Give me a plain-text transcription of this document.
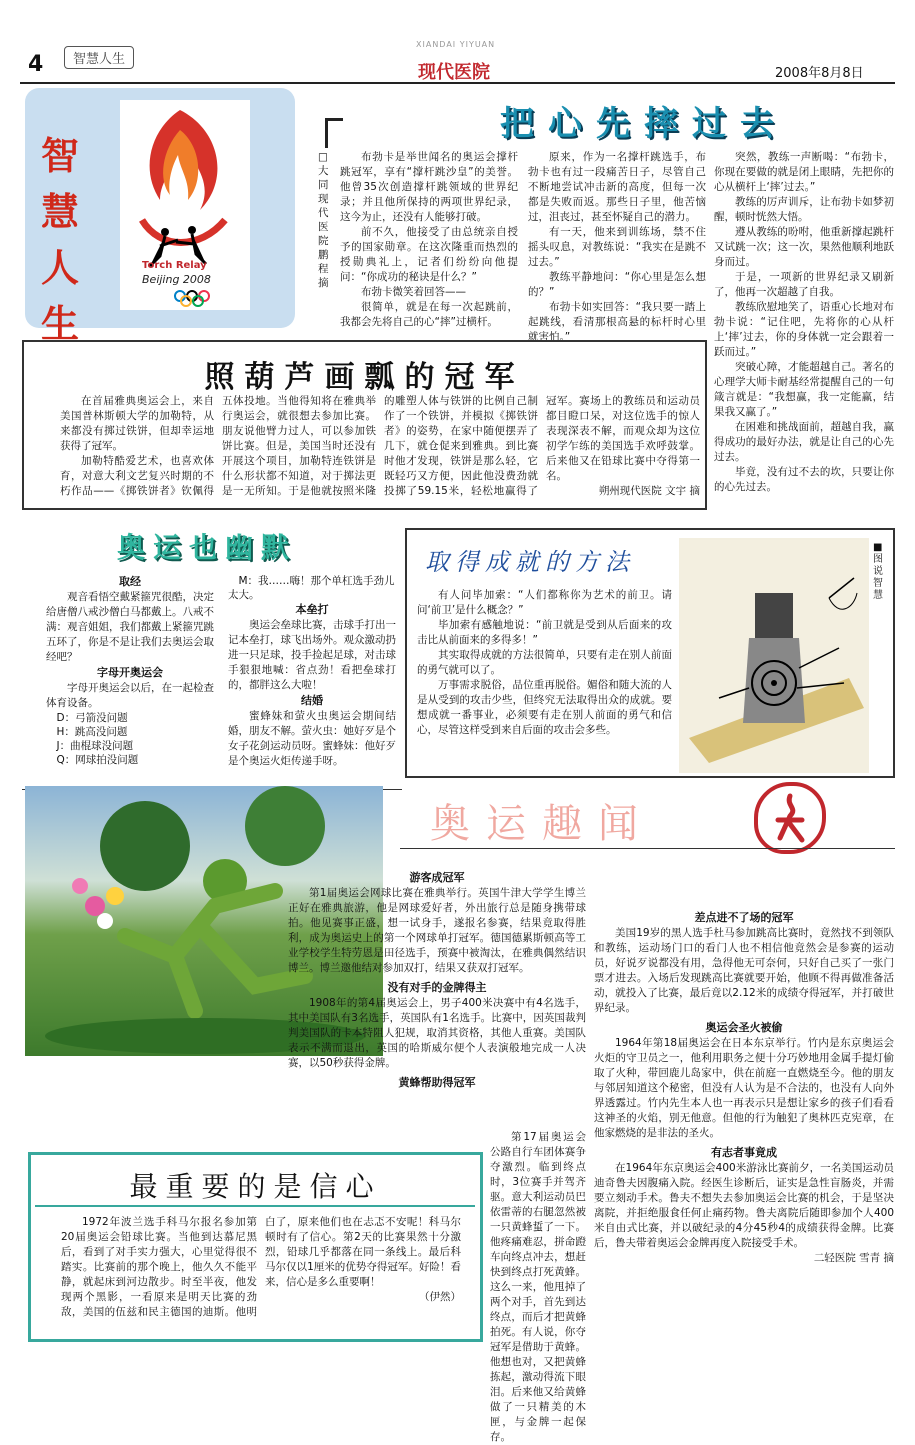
4	智慧人生
XIANDAI YIYUAN
现代医院	2008年8月8日
智慧人生
Torch Relay
Beijing 2008
把心先摔过去
□大同现代医院 鹏程 摘

布勃卡是举世闻名的奥运会撑杆跳冠军，享有“撑杆跳沙皇”的美誉。他曾35次创造撑杆跳领域的世界纪录；并且他所保持的两项世界纪录，这今为止，还没有人能够打破。

前不久，他接受了由总统亲自授予的国家勋章。在这次隆重而热烈的授勋典礼上，记者们纷纷向他提问：“你成功的秘诀是什么？”

布勃卡微笑着回答——

很简单，就是在每一次起跳前，我都会先将自己的心“摔”过横杆。

原来，作为一名撑杆跳选手，布勃卡也有过一段痛苦日子，尽管自己不断地尝试冲击新的高度，但每一次都是失败而返。那些日子里，他苦恼过，沮丧过，甚至怀疑自己的潜力。

有一天，他来到训练场，禁不住摇头叹息，对教练说：“我实在是跳不过去。”

教练平静地问：“你心里是怎么想的？”

布勃卡如实回答：“我只要一踏上起跳线，看清那根高悬的标杆时心里就害怕。”

突然，教练一声断喝：“布勃卡，你现在要做的就是闭上眼睛，先把你的心从横杆上‘摔’过去。”

教练的厉声训斥，让布勃卡如梦初醒，顿时恍然大悟。

遵从教练的吩咐，他重新撑起跳杆又试跳一次；这一次，果然他顺利地跃身而过。

于是，一项新的世界纪录又刷新了，他再一次超越了自我。

教练欣慰地笑了，语重心长地对布勃卡说：“记住吧，先将你的心从杆上‘摔’过去，你的身体就一定会跟着一跃而过。”

突破心障，才能超越自己。著名的心理学大师卡耐基经常提醒自己的一句箴言就是：“我想赢，我一定能赢，结果我又赢了。”

在困难和挑战面前，超越自我，赢得成功的最好办法，就是让自己的心先过去。

毕竟，没有过不去的坎，只要让你的心先过去。

照葫芦画瓢的冠军

在首届雅典奥运会上，来自美国普林斯顿大学的加勒特，从来都没有掷过铁饼，但却幸运地获得了冠军。

加勒特酷爱艺术，也喜欢体育，对意大利文艺复兴时期的不朽作品——《掷铁饼者》钦佩得五体投地。当他得知将在雅典举行奥运会，就很想去参加比赛。朋友说他臂力过人，可以参加铁饼比赛。但是，美国当时还没有开展这个项目，加勒特连铁饼是什么形状都不知道，对于掷法更是一无所知。于是他就按照米隆的雕塑人体与铁饼的比例自己制作了一个铁饼，并模拟《掷铁饼者》的姿势，在家中随便摆弄了几下，就仓促来到雅典。到比赛时他才发现，铁饼是那么轻，它既轻巧又方便，因此他没费劲就投掷了59.15米，轻松地赢得了冠军。赛场上的教练员和运动员都目瞪口呆，对这位选手的惊人表现深表不解，而观众却为这位初学乍练的美国选手欢呼鼓掌。后来他又在铅球比赛中夺得第一名。

朔州现代医院 文宇 摘

奥运也幽默

取经

观音看悟空戴紧箍咒很酷，决定给唐僧八戒沙僧白马都戴上。八戒不满：观音姐姐，我们都戴上紧箍咒跳五环了，你是不是让我们去奥运会取经吧？

字母开奥运会

字母开奥运会以后，在一起检查体育设备。

D：弓箭没问题

H：跳高没问题

J：曲棍球没问题

Q：网球拍没问题

M：我……嗨！那个单杠选手劲儿太大。

本垒打

奥运会垒球比赛，击球手打出一记本垒打，球飞出场外。观众激动扔进一只足球，投手捡起足球，对击球手狠狠地喊：省点劲！看把垒球打的，都胖这么大啦！

结婚

蜜蜂妹和萤火虫奥运会期间结婚，朋友不解。萤火虫：她好歹是个女子花剑运动员呀。蜜蜂妹：他好歹是个奥运火炬传递手呀。

取得成就的方法

有人问毕加索：“人们都称你为艺术的前卫。请问‘前卫’是什么概念？”

毕加索有感触地说：“前卫就是受到从后面来的攻击比从前面来的多得多！”

其实取得成就的方法很简单，只要有走在别人前面的勇气就可以了。

万事需求脱俗，品位重再脱俗。媚俗和随大流的人是从受到的攻击少些，但终究无法取得出众的成就。要想成就一番事业，必须要有走在别人前面的勇气和信心，尽管这样受到来自后面的攻击会多些。

■图说智慧
奥运趣闻

游客成冠军

第1届奥运会网球比赛在雅典举行。英国牛津大学学生博兰正好在雅典旅游，他是网球爱好者，外出旅行总是随身携带球拍。他见赛事正盛，想一试身手，遂报名参赛，结果竟取得胜利，成为奥运史上的第一个网球单打冠军。德国德累斯顿高等工业学校学生特劳恩是田径选手，预赛中被淘汰，在雅典偶然结识博兰。博兰邀他结对参加双打，结果又获双打冠军。

没有对手的金牌得主

1908年的第4届奥运会上，男子400米决赛中有4名选手，其中美国队有3名选手，英国队有1名选手。比赛中，因英国裁判判美国队的卡本特阻人犯规，取消其资格，其他人重赛。美国队表示不满而退出，英国的哈斯威尔便个人表演般地完成一人决赛，以50秒获得金牌。

黄蜂帮助得冠军

第17届奥运会公路自行车团体赛争夺激烈。临到终点时，3位赛手并驾齐驱。意大利运动员巴依雷蒂的右腿忽然被一只黄蜂蜇了一下。他疼痛难忍，拼命蹬车向终点冲去，想赶快到终点打死黄蜂。这么一来，他甩掉了两个对手，首先到达终点，而后才把黄蜂拍死。有人说，你夺冠军是借助于黄蜂。他想也对，又把黄蜂拣起，激动得流下眼泪。后来他又给黄蜂做了一只精美的木匣，与金牌一起保存。

差点进不了场的冠军

美国19岁的黑人选手杜马参加跳高比赛时，竟然找不到领队和教练，运动场门口的看门人也不相信他竟然会是参赛的运动员，好说歹说都没有用，急得他无可奈何，只好自己买了一张门票才进去。入场后发现跳高比赛就要开始，他顾不得再做准备活动，就投入了比赛，最后竟以2.12米的成绩夺得冠军，并打破世界纪录。

奥运会圣火被偷

1964年第18届奥运会在日本东京举行。竹内是东京奥运会火炬的守卫员之一，他利用职务之便十分巧妙地用金属手提灯偷取了火种，带回鹿儿岛家中，供在前庭一直燃烧至今。他的朋友与邻居知道这个秘密，但没有人认为是不合法的，也没有人向外界透露过。竹内先生本人也一再表示只是想让家乡的孩子们看看这神圣的火焰，别无他意。但他的行为触犯了奥林匹克宪章，在他家燃烧的是非法的圣火。

有志者事竟成

在1964年东京奥运会400米游泳比赛前夕，一名美国运动员迪奇鲁夫因腹痛入院。经医生诊断后，证实是急性盲肠炎，并需要立刻动手术。鲁夫不想失去参加奥运会比赛的机会，于是坚决离院，并拒绝服食任何止痛药物。鲁夫离院后随即参加个人400米自由式比赛，并以破纪录的4分45秒4的成绩获得金牌。比赛后，鲁夫带着奥运会金牌再度入院接受手术。

二轻医院 雪青 摘

最重要的是信心

1972年波兰选手科马尔报名参加第20届奥运会铅球比赛。当他到达慕尼黑后，看到了对手实力强大，心里觉得很不踏实。比赛前的那个晚上，他久久不能平静，就起床到河边散步。时至半夜，他发现两个黑影，一看原来是明天比赛的劲敌，美国的伍兹和民主德国的迪斯。他明白了，原来他们也在忐忑不安呢！科马尔顿时有了信心。第2天的比赛果然十分激烈，铅球几乎都落在同一条线上。最后科马尔仅以1厘米的优势夺得冠军。好险！看来，信心是多么重要啊！

（伊然）
